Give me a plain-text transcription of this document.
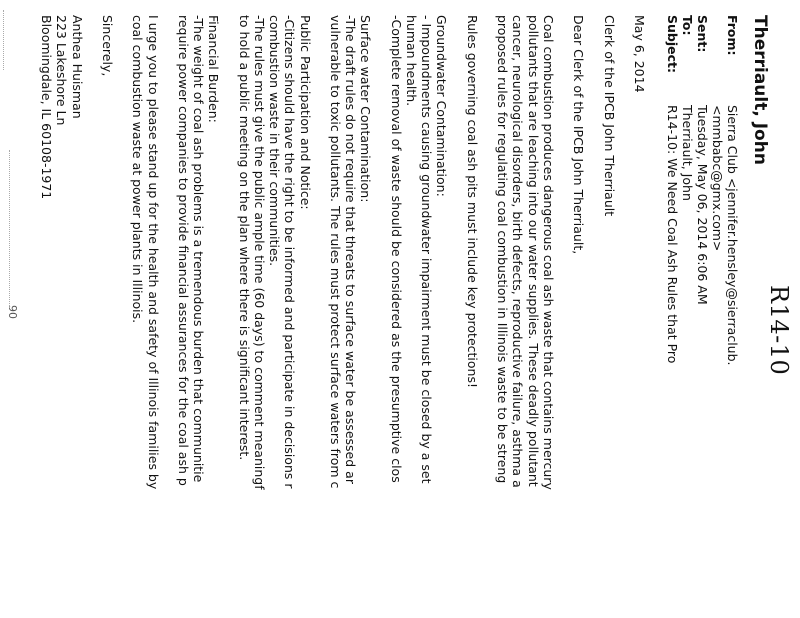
R14-10
Therriault, John
From:
Sierra Club <jennifer.hensley@sierraclub.
<mmbabc@gmx.com>
Sent:
Tuesday, May 06, 2014 6:06 AM
To:
Therriault, John
Subject:
R14-10: We Need Coal Ash Rules that Pro
May 6, 2014
Clerk of the IPCB John Therriault
Dear Clerk of the IPCB John Therriault,
Coal combustion produces dangerous coal ash waste that contains mercury
pollutants that are leaching into our water supplies. These deadly pollutant
cancer, neurological disorders, birth defects, reproductive failure, asthma a
proposed rules for regulating coal combustion in Illinois waste to be streng
Rules governing coal ash pits must include key protections!
Groundwater Contamination:
- Impoundments causing groundwater impairment must be closed by a set
human health.
-Complete removal of waste should be considered as the presumptive clos
Surface water Contamination:
-The draft rules do not require that threats to surface water be assessed ar
vulnerable to toxic pollutants. The rules must protect surface waters from c
Public Participation and Notice:
-Citizens should have the right to be informed and participate in decisions r
combustion waste in their communities.
-The rules must give the public ample time (60 days) to comment meaningf
to hold a public meeting on the plan where there is significant interest.
Financial Burden:
-The weight of coal ash problems is a tremendous burden that communitie
require power companies to provide financial assurances for the coal ash p
I urge you to please stand up for the health and safety of Illinois families by
coal combustion waste at power plants in Illinois.
Sincerely,
Anthea Huisman
223 Lakeshore Ln
Bloomingdale, IL 60108-1971
90
